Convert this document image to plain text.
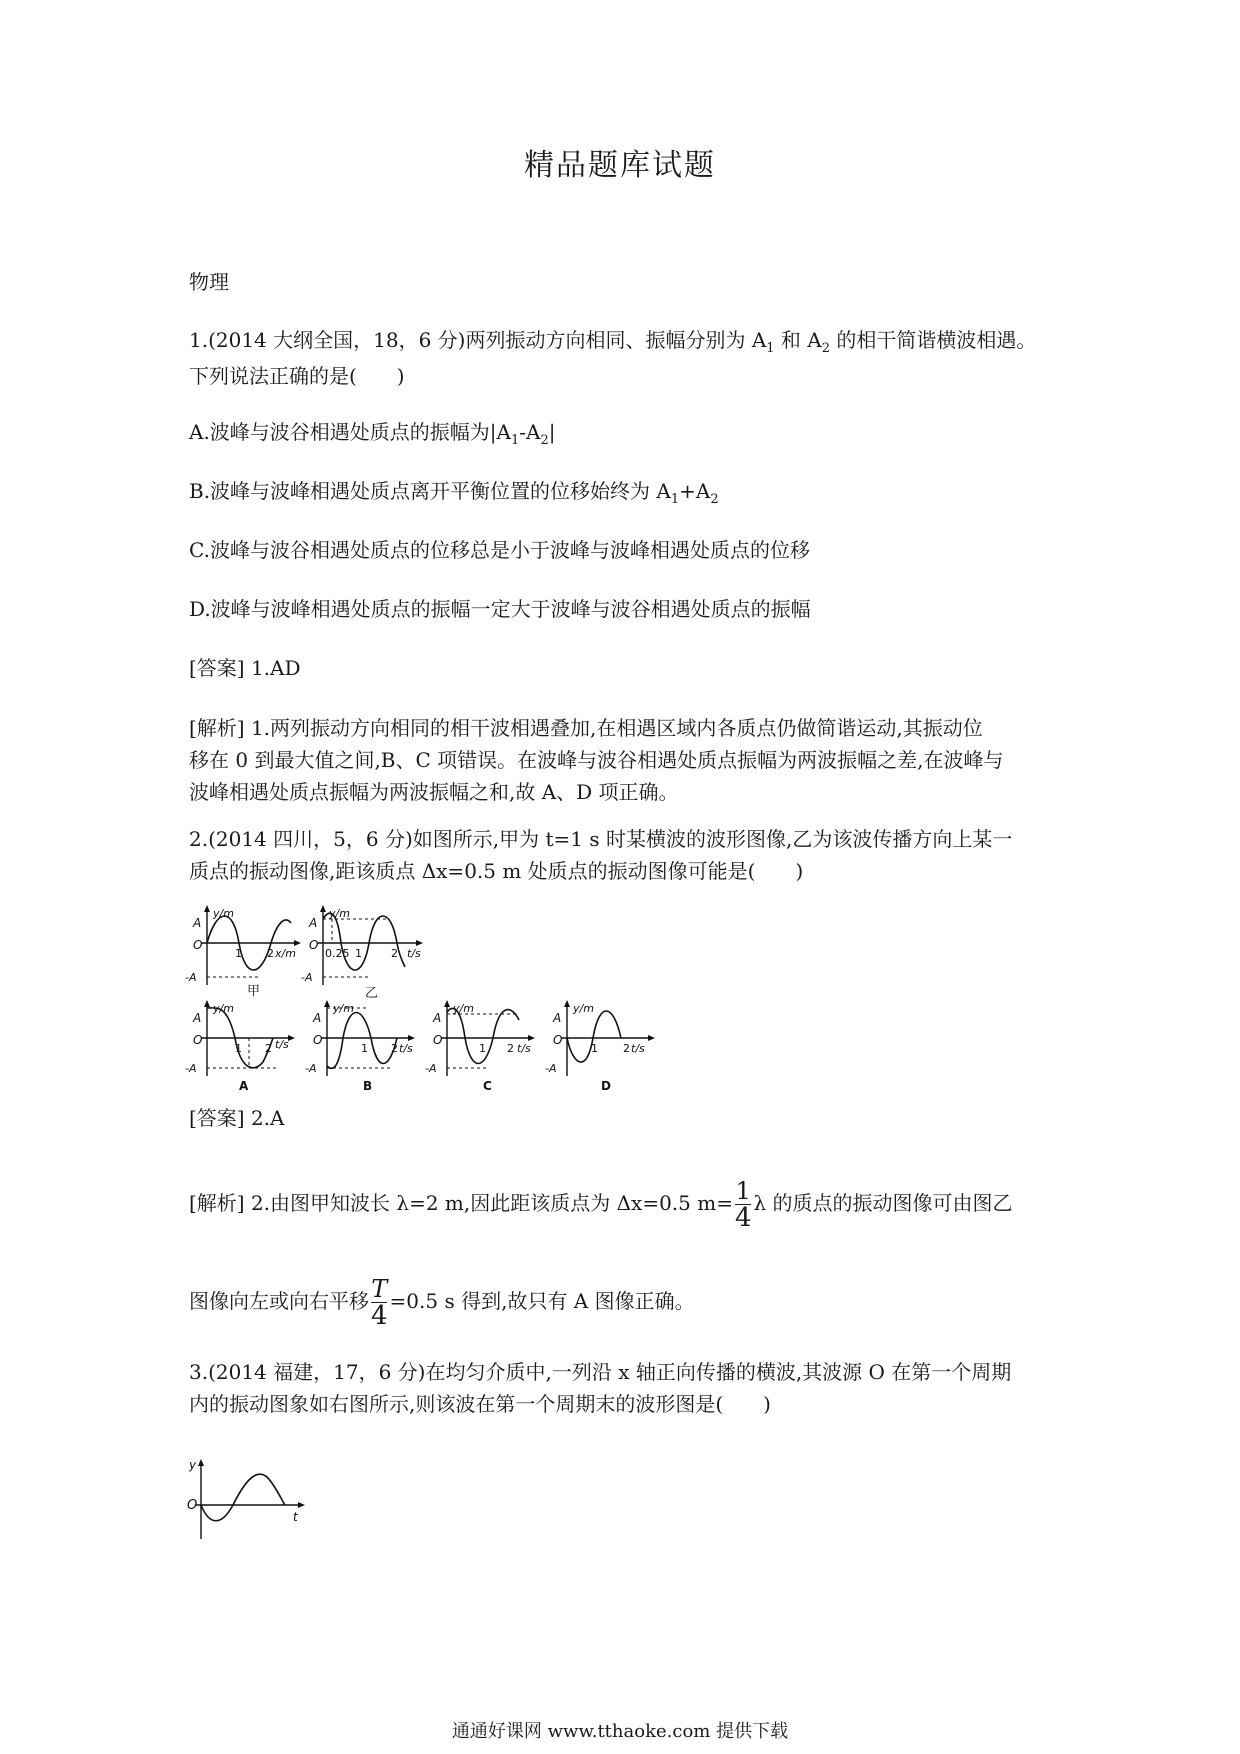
精品题库试题
物理
1.(2014 大纲全国，18，6 分)两列振动方向相同、振幅分别为 $A_1$ 和 $A_2$ 的相干简谐横波相遇。
下列说法正确的是(　　)
A.波峰与波谷相遇处质点的振幅为$|A_1-A_2|$
B.波峰与波峰相遇处质点离开平衡位置的位移始终为 $A_1+A_2$
C.波峰与波谷相遇处质点的位移总是小于波峰与波峰相遇处质点的位移
D.波峰与波峰相遇处质点的振幅一定大于波峰与波谷相遇处质点的振幅
[答案] 1.AD
[解析] 1.两列振动方向相同的相干波相遇叠加,在相遇区域内各质点仍做简谐运动,其振动位
移在 0 到最大值之间,B、C 项错误。在波峰与波谷相遇处质点振幅为两波振幅之差,在波峰与
波峰相遇处质点振幅为两波振幅之和,故 A、D 项正确。
2.(2014 四川，5，6 分)如图所示,甲为 t=1 s 时某横波的波形图像,乙为该波传播方向上某一
质点的振动图像,距该质点 Δx=0.5 m 处质点的振动图像可能是(　　)
y/m
A
O
-A
1 2 x/m
甲
y/m
A
O
-A
0.25 1	2 t/s
乙
y/m
A
O
-A
1 2 t/s
A
y/m
A
O
-A
1 2 t/s
B
y/m
A
O
-A
1 2 t/s
C
y/m
A
O
-A
1 2 t/s
D
[答案] 2.A
[解析] 2.由图甲知波长 λ=2 m,因此距该质点为 Δx=0.5 $m= \frac{1}{4}$ λ 的质点的振动图像可由图乙
图像向左或向右平移 $\frac{T}{4} =0.5$ s 得到,故只有 A 图像正确。
3.(2014 福建，17，6 分)在均匀介质中,一列沿 x 轴正向传播的横波,其波源 O 在第一个周期
内的振动图象如右图所示,则该波在第一个周期末的波形图是(　　)
y
O
t
通通好课网 www.tthaoke.com 提供下载
